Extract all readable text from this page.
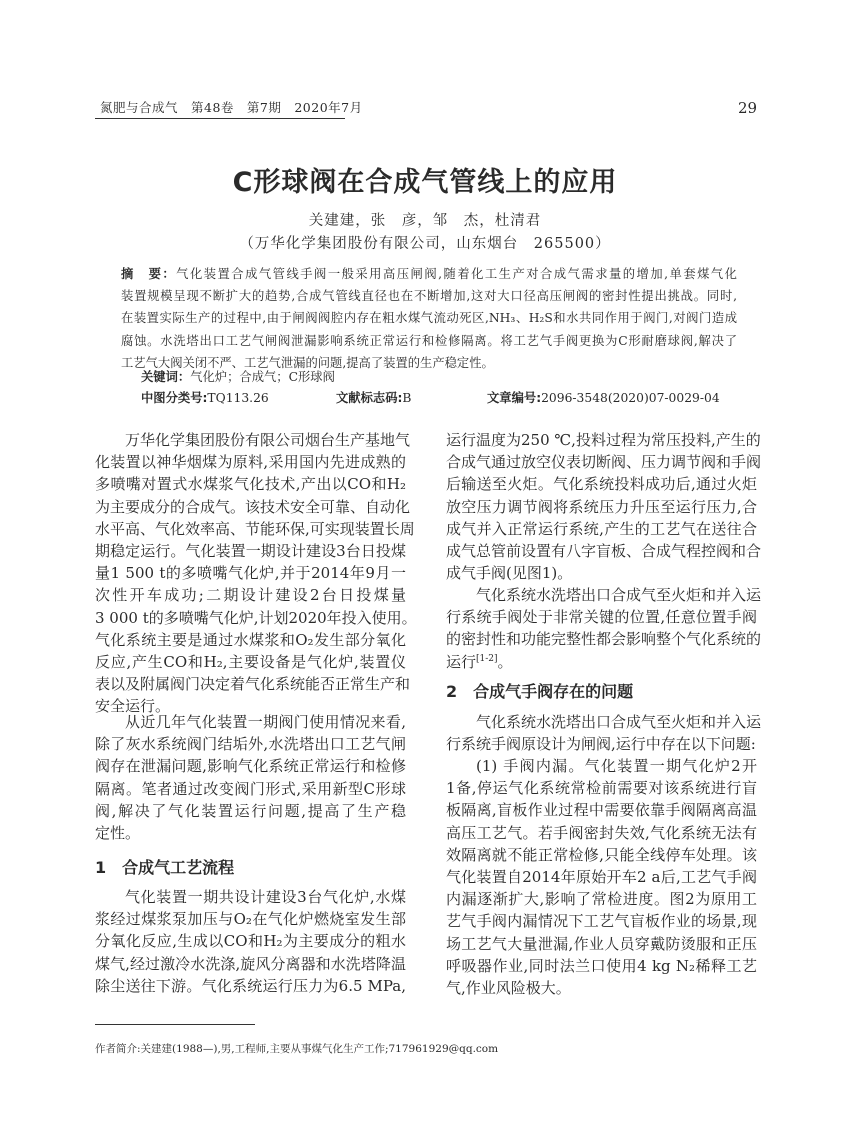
氮肥与合成气　第48卷　第7期　2020年7月	29
C形球阀在合成气管线上的应用
关建建，张　彦，邹　杰，杜清君
（万华化学集团股份有限公司，山东烟台　265500）
摘　要：气化装置合成气管线手阀一般采用高压闸阀,随着化工生产对合成气需求量的增加,单套煤气化
装置规模呈现不断扩大的趋势,合成气管线直径也在不断增加,这对大口径高压闸阀的密封性提出挑战。同时,
在装置实际生产的过程中,由于闸阀阀腔内存在粗水煤气流动死区,NH₃、H₂S和水共同作用于阀门,对阀门造成
腐蚀。水洗塔出口工艺气闸阀泄漏影响系统正常运行和检修隔离。将工艺气手阀更换为C形耐磨球阀,解决了
工艺气大阀关闭不严、工艺气泄漏的问题,提高了装置的生产稳定性。
关键词：气化炉；合成气；C形球阀
中图分类号:TQ113.26	文献标志码:B	文章编号:2096-3548(2020)07-0029-04
万华化学集团股份有限公司烟台生产基地气
化装置以神华烟煤为原料,采用国内先进成熟的
多喷嘴对置式水煤浆气化技术,产出以CO和H₂
为主要成分的合成气。该技术安全可靠、自动化
水平高、气化效率高、节能环保,可实现装置长周
期稳定运行。气化装置一期设计建设3台日投煤
量1 500 t的多喷嘴气化炉,并于2014年9月一
次性开车成功;二期设计建设2台日投煤量
3 000 t的多喷嘴气化炉,计划2020年投入使用。
气化系统主要是通过水煤浆和O₂发生部分氧化
反应,产生CO和H₂,主要设备是气化炉,装置仪
表以及附属阀门决定着气化系统能否正常生产和
安全运行。
从近几年气化装置一期阀门使用情况来看,
除了灰水系统阀门结垢外,水洗塔出口工艺气闸
阀存在泄漏问题,影响气化系统正常运行和检修
隔离。笔者通过改变阀门形式,采用新型C形球
阀,解决了气化装置运行问题,提高了生产稳
定性。
1　合成气工艺流程
气化装置一期共设计建设3台气化炉,水煤
浆经过煤浆泵加压与O₂在气化炉燃烧室发生部
分氧化反应,生成以CO和H₂为主要成分的粗水
煤气,经过激冷水洗涤,旋风分离器和水洗塔降温
除尘送往下游。气化系统运行压力为6.5 MPa,
运行温度为250 ℃,投料过程为常压投料,产生的
合成气通过放空仪表切断阀、压力调节阀和手阀
后输送至火炬。气化系统投料成功后,通过火炬
放空压力调节阀将系统压力升压至运行压力,合
成气并入正常运行系统,产生的工艺气在送往合
成气总管前设置有八字盲板、合成气程控阀和合
成气手阀(见图1)。
气化系统水洗塔出口合成气至火炬和并入运
行系统手阀处于非常关键的位置,任意位置手阀
的密封性和功能完整性都会影响整个气化系统的
运行[1-2]。
2　合成气手阀存在的问题
气化系统水洗塔出口合成气至火炬和并入运
行系统手阀原设计为闸阀,运行中存在以下问题:
(1) 手阀内漏。气化装置一期气化炉2开
1备,停运气化系统常检前需要对该系统进行盲
板隔离,盲板作业过程中需要依靠手阀隔离高温
高压工艺气。若手阀密封失效,气化系统无法有
效隔离就不能正常检修,只能全线停车处理。该
气化装置自2014年原始开车2 a后,工艺气手阀
内漏逐渐扩大,影响了常检进度。图2为原用工
艺气手阀内漏情况下工艺气盲板作业的场景,现
场工艺气大量泄漏,作业人员穿戴防烫服和正压
呼吸器作业,同时法兰口使用4 kg N₂稀释工艺
气,作业风险极大。
作者简介:关建建(1988—),男,工程师,主要从事煤气化生产工作;717961929@qq.com
